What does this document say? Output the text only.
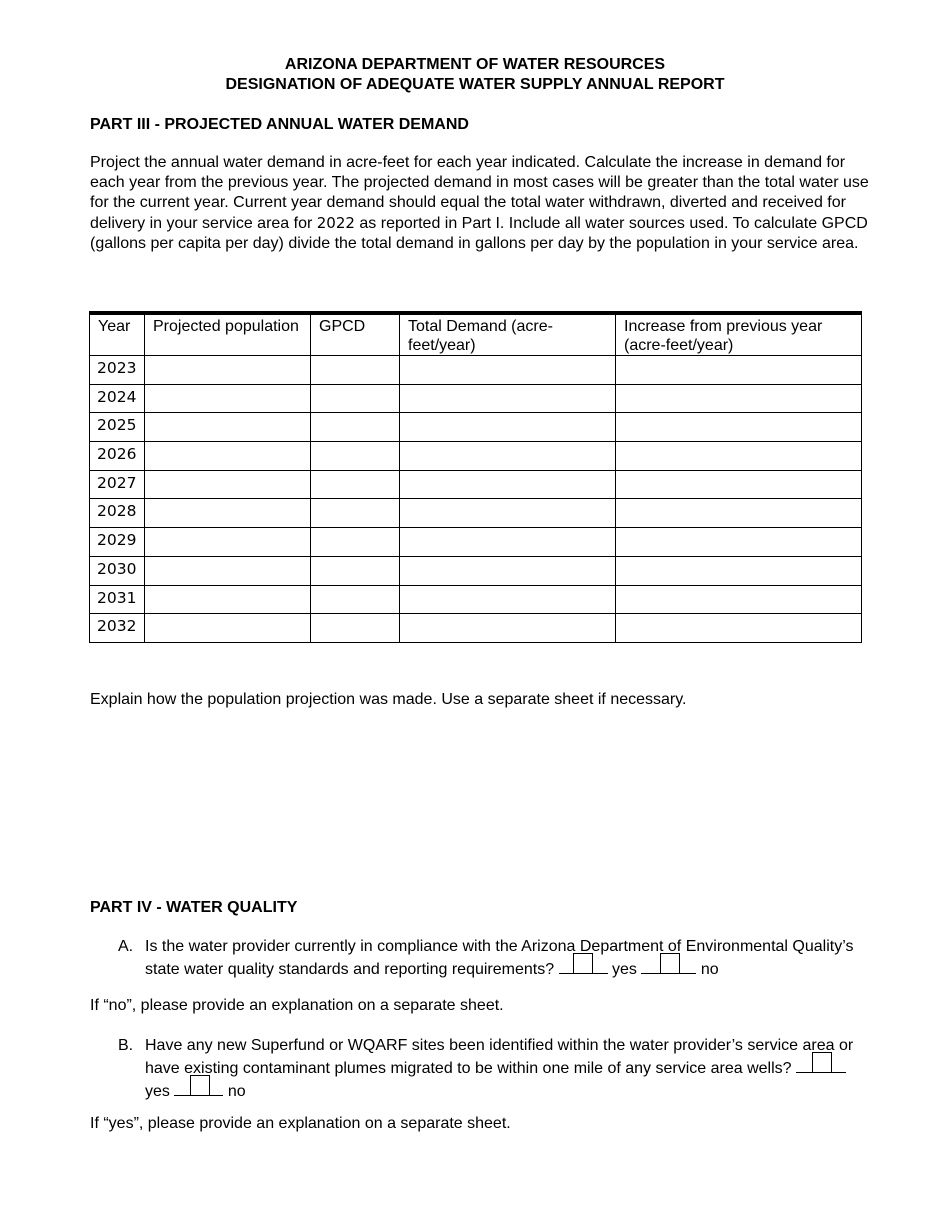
ARIZONA DEPARTMENT OF WATER RESOURCES
DESIGNATION OF ADEQUATE WATER SUPPLY ANNUAL REPORT
PART III - PROJECTED ANNUAL WATER DEMAND
Project the annual water demand in acre-feet for each year indicated. Calculate the increase in demand for each year from the previous year. The projected demand in most cases will be greater than the total water use for the current year. Current year demand should equal the total water withdrawn, diverted and received for delivery in your service area for 2022 as reported in Part I. Include all water sources used. To calculate GPCD (gallons per capita per day) divide the total demand in gallons per day by the population in your service area.
Year	Projected population	GPCD	Total Demand (acre-feet/year)	Increase from previous year (acre-feet/year)
2023				
2024				
2025				
2026				
2027				
2028				
2029				
2030				
2031				
2032				
Explain how the population projection was made. Use a separate sheet if necessary.
PART IV - WATER QUALITY
A. Is the water provider currently in compliance with the Arizona Department of Environmental Quality’s state water quality standards and reporting requirements?	yes	no
If “no”, please provide an explanation on a separate sheet.
B. Have any new Superfund or WQARF sites been identified within the water provider’s service area or have existing contaminant plumes migrated to be within one mile of any service area wells?
yes	no
If “yes”, please provide an explanation on a separate sheet.
